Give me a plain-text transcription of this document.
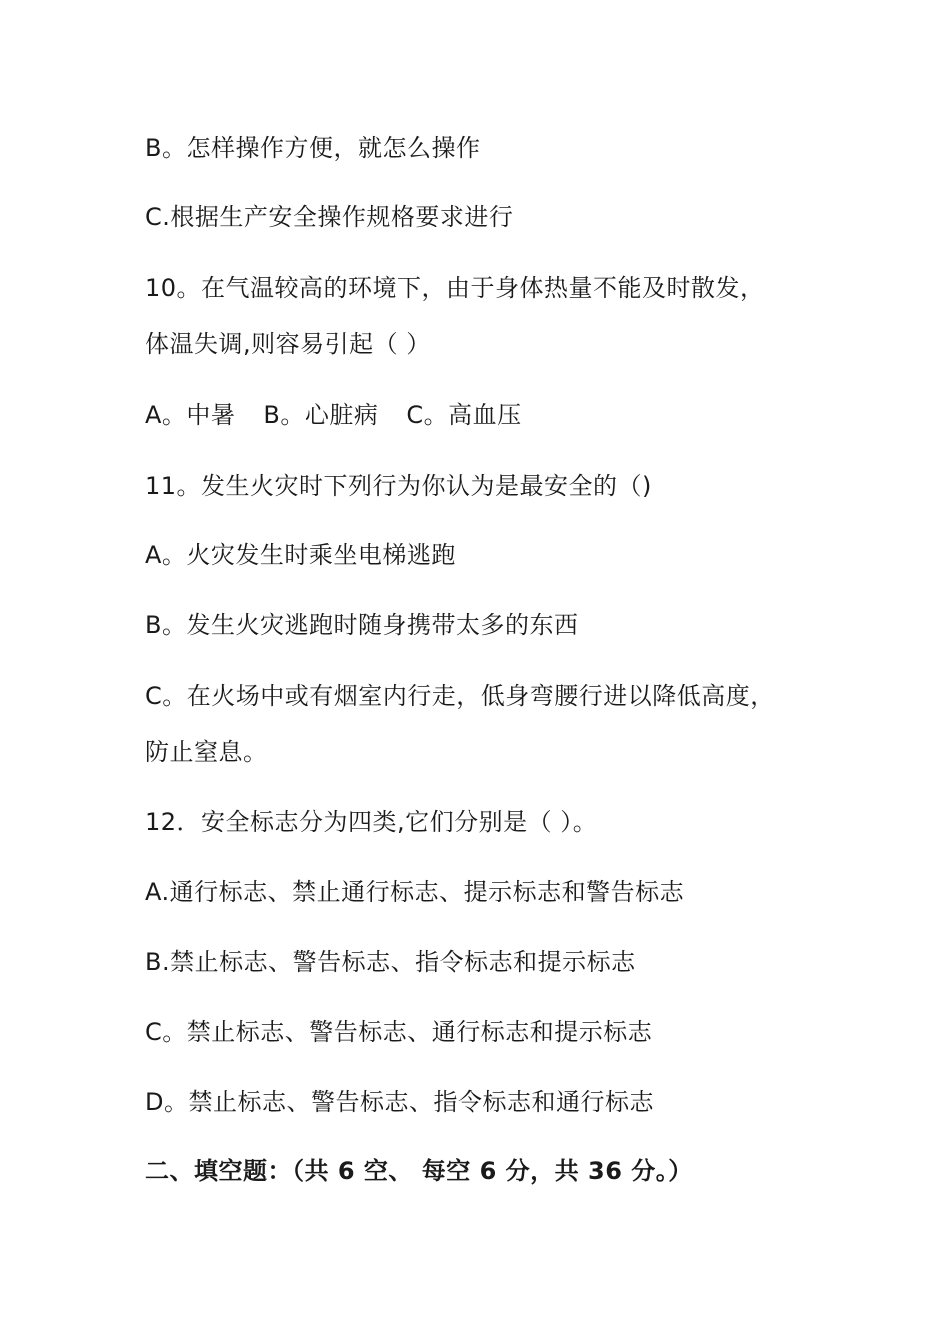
B。怎样操作方便，就怎么操作
C.根据生产安全操作规格要求进行
10。在气温较高的环境下，由于身体热量不能及时散发，
体温失调,则容易引起（ ）
A。中暑 B。心脏病 C。高血压
11。发生火灾时下列行为你认为是最安全的（)
A。火灾发生时乘坐电梯逃跑
B。发生火灾逃跑时随身携带太多的东西
C。在火场中或有烟室内行走，低身弯腰行进以降低高度，
防止窒息。
12．安全标志分为四类,它们分别是（ ）。
A.通行标志、禁止通行标志、提示标志和警告标志
B.禁止标志、警告标志、指令标志和提示标志
C。禁止标志、警告标志、通行标志和提示标志
D。禁止标志、警告标志、指令标志和通行标志
二、填空题：（共 6 空、 每空 6 分，共 36 分。）
